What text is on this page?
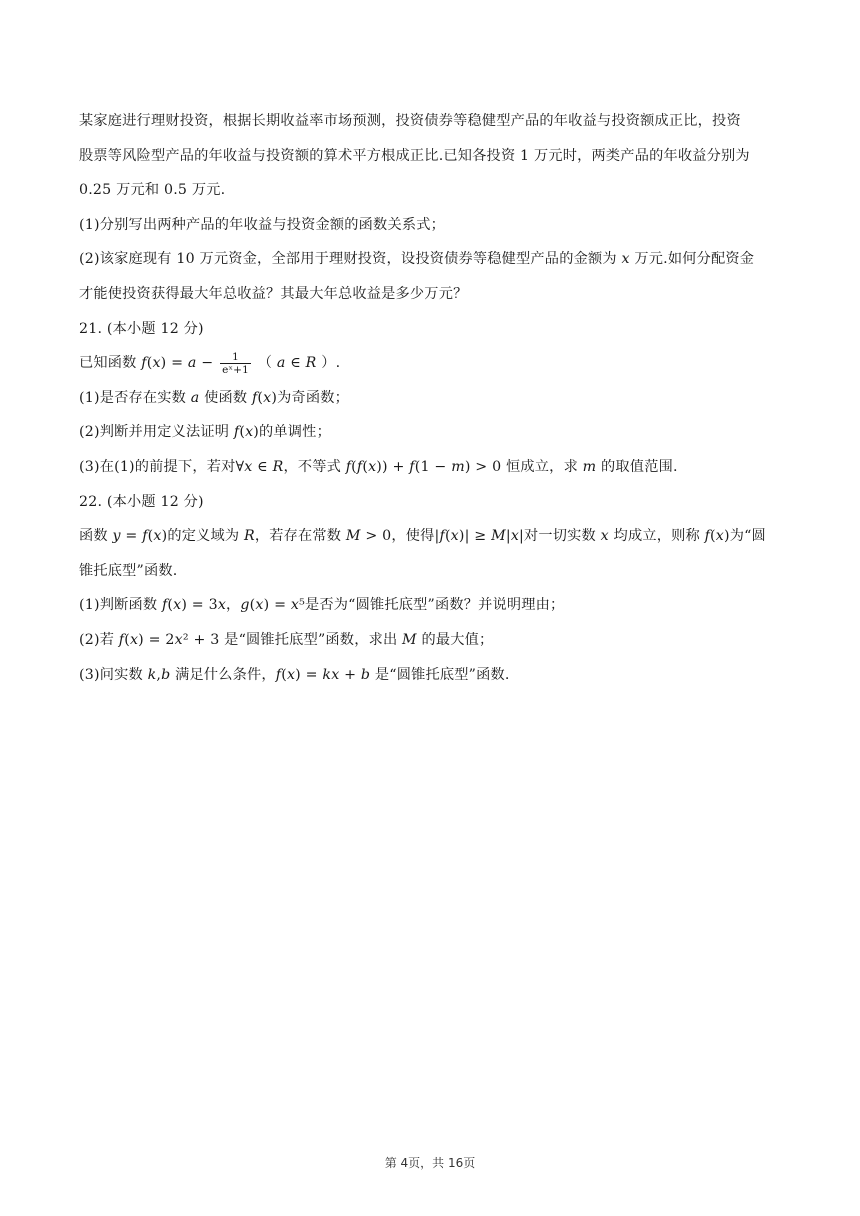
某家庭进行理财投资，根据长期收益率市场预测，投资债券等稳健型产品的年收益与投资额成正比，投资
股票等风险型产品的年收益与投资额的算术平方根成正比.已知各投资 1 万元时，两类产品的年收益分别为
0.25 万元和 0.5 万元.
(1)分别写出两种产品的年收益与投资金额的函数关系式；
(2)该家庭现有 10 万元资金，全部用于理财投资，设投资债券等稳健型产品的金额为 𝑥 万元.如何分配资金
才能使投资获得最大年总收益？其最大年总收益是多少万元？
21. (本小题 12 分)
已知函数 𝑓(𝑥) = 𝑎 − $\frac{1}{\text{eˣ+1}}$ （ 𝑎 ∈ 𝑅 ）.
(1)是否存在实数 𝑎 使函数 𝑓(𝑥)为奇函数；
(2)判断并用定义法证明 𝑓(𝑥)的单调性；
(3)在(1)的前提下，若对∀𝑥 ∈ 𝑅，不等式 𝑓(𝑓(𝑥)) + 𝑓(1 − 𝑚) > 0 恒成立，求 𝑚 的取值范围.
22. (本小题 12 分)
函数 𝑦 = 𝑓(𝑥)的定义域为 𝑅，若存在常数 𝑀 > 0，使得|𝑓(𝑥)| ≥ 𝑀|𝑥|对一切实数 𝑥 均成立，则称 𝑓(𝑥)为“圆
锥托底型”函数.
(1)判断函数 𝑓(𝑥) = 3𝑥，𝑔(𝑥) = 𝑥⁵是否为“圆锥托底型”函数？并说明理由；
(2)若 𝑓(𝑥) = 2𝑥² + 3 是“圆锥托底型”函数，求出 𝑀 的最大值；
(3)问实数 𝑘,𝑏 满足什么条件，𝑓(𝑥) = 𝑘𝑥 + 𝑏 是“圆锥托底型”函数.
第 4页，共 16页
